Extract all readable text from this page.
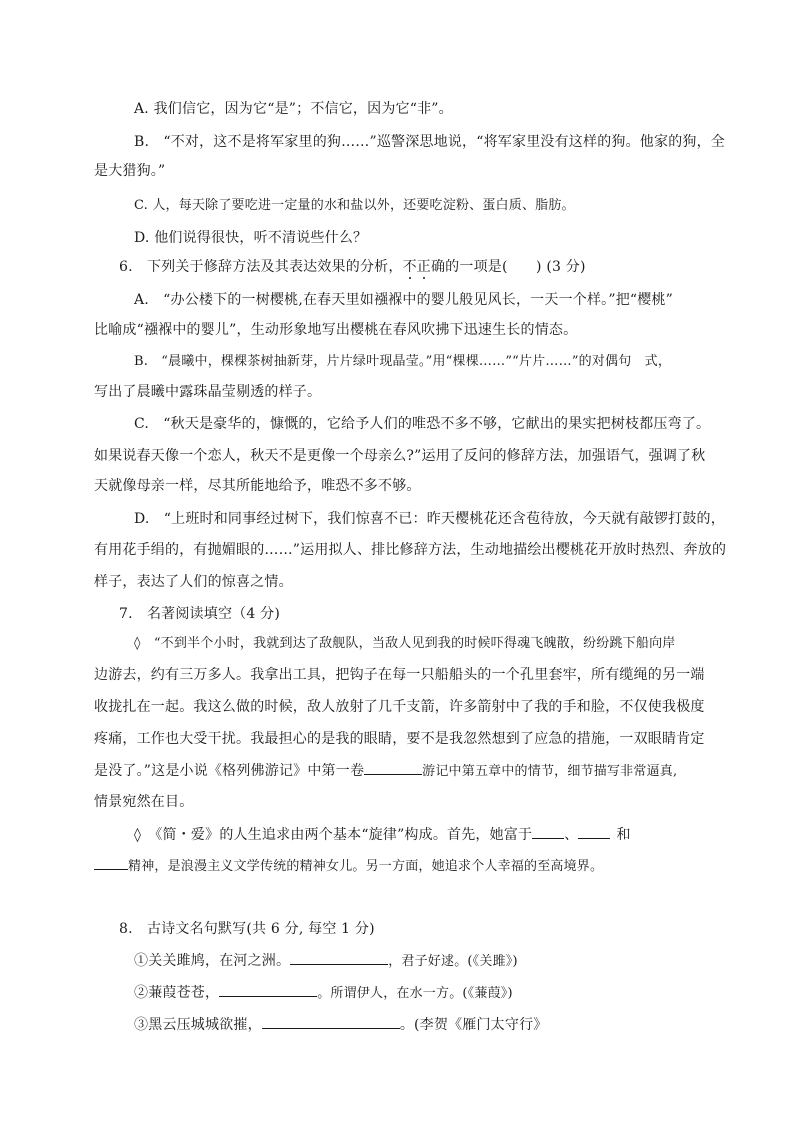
A. 我们信它，因为它“是”；不信它，因为它“非”。
B.　“不对，这不是将军家里的狗……”巡警深思地说，“将军家里没有这样的狗。他家的狗，全
是大猎狗。”
C. 人，每天除了要吃进一定量的水和盐以外，还要吃淀粉、蛋白质、脂肪。
D. 他们说得很快，听不清说些什么？
6.　下列关于修辞方法及其表达效果的分析，不正确的一项是(　　) (3 分)
A.　“办公楼下的一树樱桃,在春天里如襁褓中的婴儿般见风长，一天一个样。”把“樱桃”
比喻成“襁褓中的婴儿”，生动形象地写出樱桃在春风吹拂下迅速生长的情态。
B.　“晨曦中，棵棵茶树抽新芽，片片绿叶现晶莹。”用“棵棵……”“片片……”的对偶句　式，
写出了晨曦中露珠晶莹剔透的样子。
C.　“秋天是豪华的，慷慨的，它给予人们的唯恐不多不够，它献出的果实把树枝都压弯了。
如果说春天像一个恋人，秋天不是更像一个母亲么?”运用了反问的修辞方法，加强语气，强调了秋
天就像母亲一样，尽其所能地给予，唯恐不多不够。
D.　“上班时和同事经过树下，我们惊喜不已：昨天樱桃花还含苞待放，今天就有敲锣打鼓的，
有用花手绢的，有抛媚眼的……”运用拟人、排比修辞方法，生动地描绘出樱桃花开放时热烈、奔放的
样子，表达了人们的惊喜之情。
7.　名著阅读填空（4 分)
◊　“不到半个小时，我就到达了敌舰队，当敌人见到我的时候吓得魂飞魄散，纷纷跳下船向岸
边游去，约有三万多人。我拿出工具，把钩子在每一只船船头的一个孔里套牢，所有缆绳的另一端
收拢扎在一起。我这么做的时候，敌人放射了几千支箭，许多箭射中了我的手和脸，不仅使我极度
疼痛，工作也大受干扰。我最担心的是我的眼睛，要不是我忽然想到了应急的措施，一双眼睛肯定
是没了。”这是小说《格列佛游记》中第一卷	游记中第五章中的情节，细节描写非常逼真,
情景宛然在目。
◊　《简・爱》的人生追求由两个基本“旋律”构成。首先，她富于 、	和
精神，是浪漫主义文学传统的精神女儿。另一方面，她追求个人幸福的至高境界。
8.　古诗文名句默写(共 6 分, 每空 1 分)
①关关雎鸠，在河之洲。	，君子好逑。(《关雎》)
②蒹葭苍苍，	。所谓伊人，在水一方。(《蒹葭》)
③黑云压城城欲摧，	。(李贺《雁门太守行》
